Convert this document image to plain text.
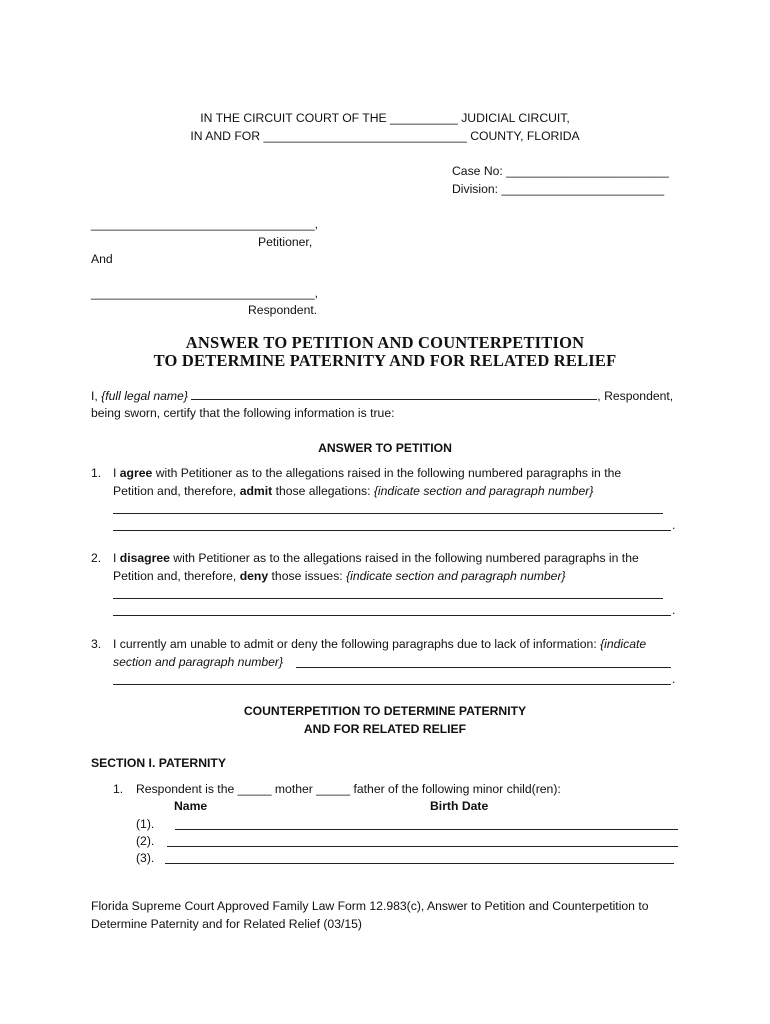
IN THE CIRCUIT COURT OF THE __________ JUDICIAL CIRCUIT,
IN AND FOR ______________________________ COUNTY, FLORIDA
Case No: ________________________
Division: ________________________
_________________________________,
Petitioner,
And
_________________________________,
Respondent.
ANSWER TO PETITION AND COUNTERPETITION
TO DETERMINE PATERNITY AND FOR RELATED RELIEF
I, {full legal name}	, Respondent,
being sworn, certify that the following information is true:
ANSWER TO PETITION
1. I agree with Petitioner as to the allegations raised in the following numbered paragraphs in the
Petition and, therefore, admit those allegations: {indicate section and paragraph number}
.
2. I disagree with Petitioner as to the allegations raised in the following numbered paragraphs in the
Petition and, therefore, deny those issues: {indicate section and paragraph number}
.
3. I currently am unable to admit or deny the following paragraphs due to lack of information: {indicate
section and paragraph number}
.
COUNTERPETITION TO DETERMINE PATERNITY
AND FOR RELATED RELIEF
SECTION I. PATERNITY
1. Respondent is the _____ mother _____ father of the following minor child(ren):
Name	Birth Date
(1).
(2).
(3).
Florida Supreme Court Approved Family Law Form 12.983(c), Answer to Petition and Counterpetition to
Determine Paternity and for Related Relief (03/15)
